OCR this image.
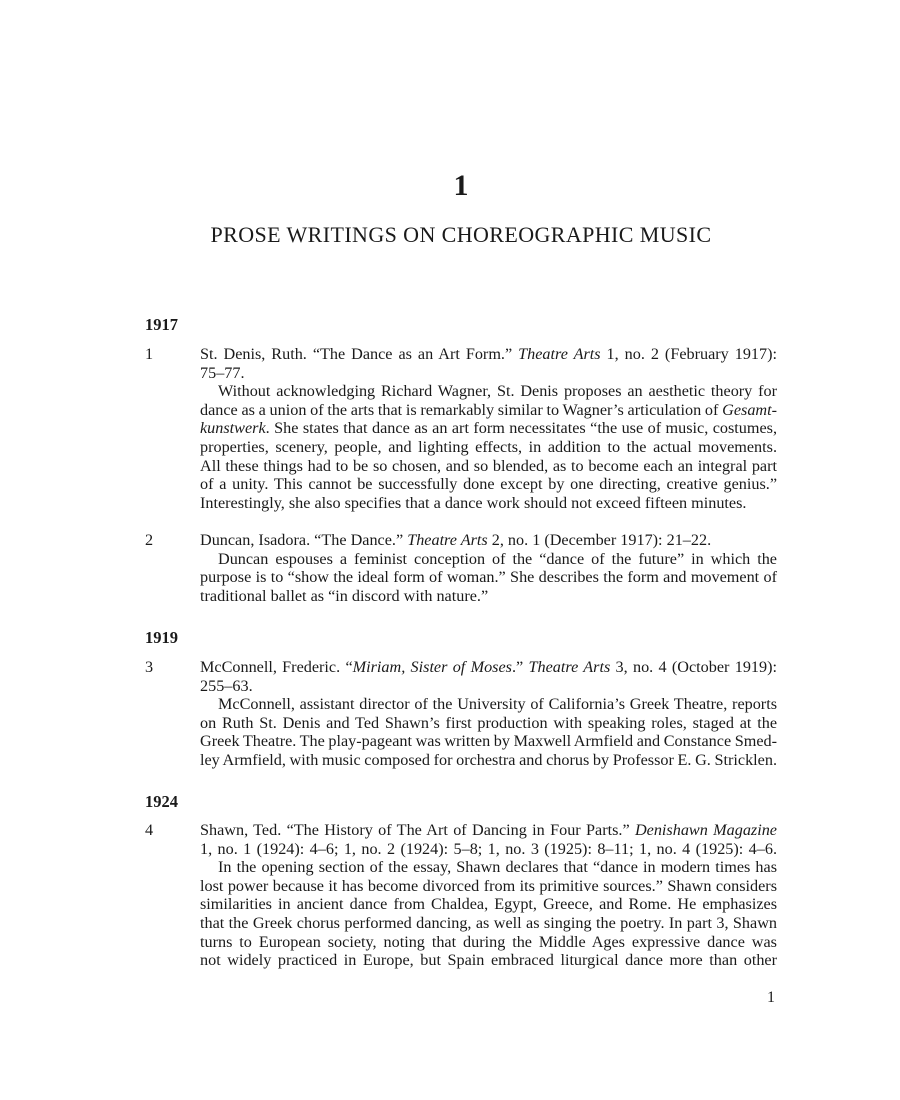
1
PROSE WRITINGS ON CHOREOGRAPHIC MUSIC
1917
1919
1924
1	St. Denis, Ruth. “The Dance as an Art Form.” Theatre Arts 1, no. 2 (February 1917):
75–77.
Without acknowledging Richard Wagner, St. Denis proposes an aesthetic theory for
dance as a union of the arts that is remarkably similar to Wagner’s articulation of Gesamt-
kunstwerk. She states that dance as an art form necessitates “the use of music, costumes,
properties, scenery, people, and lighting effects, in addition to the actual movements.
All these things had to be so chosen, and so blended, as to become each an integral part
of a unity. This cannot be successfully done except by one directing, creative genius.”
Interestingly, she also specifies that a dance work should not exceed fifteen minutes.
2	Duncan, Isadora. “The Dance.” Theatre Arts 2, no. 1 (December 1917): 21–22.
Duncan espouses a feminist conception of the “dance of the future” in which the
purpose is to “show the ideal form of woman.” She describes the form and movement of
traditional ballet as “in discord with nature.”
3	McConnell, Frederic. “Miriam, Sister of Moses.” Theatre Arts 3, no. 4 (October 1919):
255–63.
McConnell, assistant director of the University of California’s Greek Theatre, reports
on Ruth St. Denis and Ted Shawn’s first production with speaking roles, staged at the
Greek Theatre. The play-pageant was written by Maxwell Armfield and Constance Smed-
ley Armfield, with music composed for orchestra and chorus by Professor E. G. Stricklen.
4	Shawn, Ted. “The History of The Art of Dancing in Four Parts.” Denishawn Magazine
1, no. 1 (1924): 4–6; 1, no. 2 (1924): 5–8; 1, no. 3 (1925): 8–11; 1, no. 4 (1925): 4–6.
In the opening section of the essay, Shawn declares that “dance in modern times has
lost power because it has become divorced from its primitive sources.” Shawn considers
similarities in ancient dance from Chaldea, Egypt, Greece, and Rome. He emphasizes
that the Greek chorus performed dancing, as well as singing the poetry. In part 3, Shawn
turns to European society, noting that during the Middle Ages expressive dance was
not widely practiced in Europe, but Spain embraced liturgical dance more than other
1
